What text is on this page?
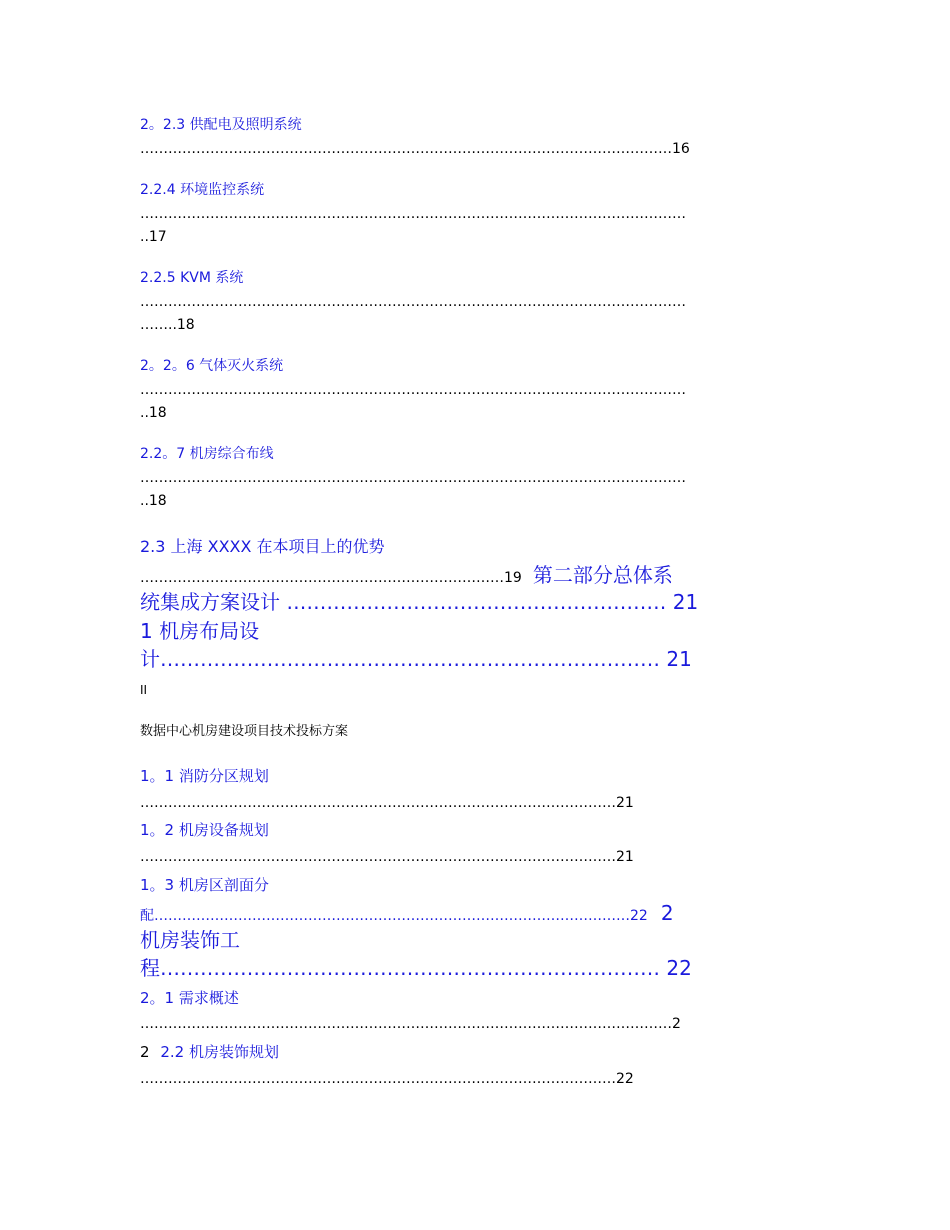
2。2.3 供配电及照明系统
……………………………………………………………………………………………………16
2.2.4 环境监控系统
………………………………………………………………………………………………………
..17
2.2.5 KVM 系统
………………………………………………………………………………………………………
……..18
2。2。6 气体灭火系统
………………………………………………………………………………………………………
..18
2.2。7 机房综合布线
………………………………………………………………………………………………………
..18
2.3 上海 XXXX 在本项目上的优势
……………………………………………………………………19 第二部分总体系
统集成方案设计 ………………………………………………… 21
1 机房布局设
计………………………………………………………………… 21
II
数据中心机房建设项目技术投标方案
1。1 消防分区规划
…………………………………………………………………………………………21
1。2 机房设备规划
…………………………………………………………………………………………21
1。3 机房区剖面分
配…………………………………………………………………………………………22 2
机房装饰工
程………………………………………………………………… 22
2。1 需求概述
……………………………………………………………………………………………………2
2 2.2 机房装饰规划
…………………………………………………………………………………………22
